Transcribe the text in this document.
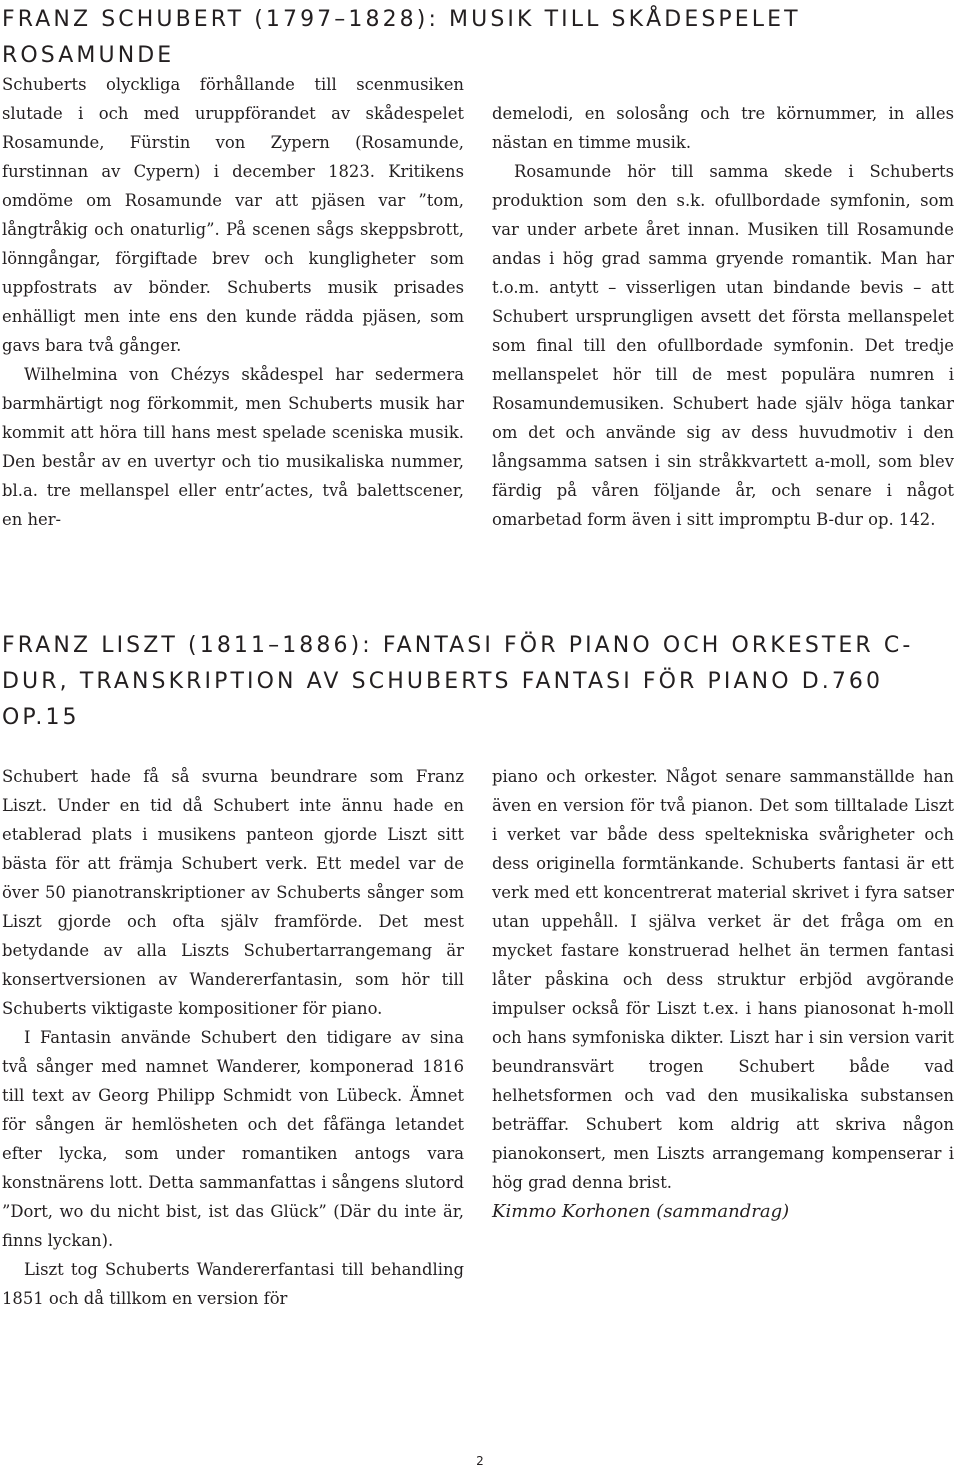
FRANZ SCHUBERT (1797–1828): MUSIK TILL SKÅDESPELET ROSAMUNDE

Schuberts olyckliga förhållande till scenmusiken slutade i och med uruppförandet av skådespelet Rosamunde, Fürstin von Zypern (Rosamunde, furstinnan av Cypern) i december 1823. Kritikens omdöme om Rosamunde var att pjäsen var ”tom, långtråkig och onaturlig”. På scenen sågs skeppsbrott, lönngångar, förgiftade brev och kungligheter som uppfostrats av bönder. Schuberts musik prisades enhälligt men inte ens den kunde rädda pjäsen, som gavs bara två gånger.

Wilhelmina von Chézys skådespel har sedermera barmhärtigt nog förkommit, men Schuberts musik har kommit att höra till hans mest spelade sceniska musik. Den består av en uvertyr och tio musikaliska nummer, bl.a. tre mellanspel eller entr’actes, två balettscener, en her-

demelodi, en solosång och tre körnummer, in alles nästan en timme musik.

Rosamunde hör till samma skede i Schuberts produktion som den s.k. ofullbordade symfonin, som var under arbete året innan. Musiken till Rosamunde andas i hög grad samma gryende romantik. Man har t.o.m. antytt – visserligen utan bindande bevis – att Schubert ursprungligen avsett det första mellanspelet som final till den ofullbordade symfonin. Det tredje mellanspelet hör till de mest populära numren i Rosamundemusiken. Schubert hade själv höga tankar om det och använde sig av dess huvudmotiv i den långsamma satsen i sin stråkkvartett a-moll, som blev färdig på våren följande år, och senare i något omarbetad form även i sitt impromptu B-dur op. 142.

FRANZ LISZT (1811–1886): FANTASI FÖR PIANO OCH ORKESTER C-DUR, TRANSKRIPTION AV SCHUBERTS FANTASI FÖR PIANO D.760 OP.15

Schubert hade få så svurna beundrare som Franz Liszt. Under en tid då Schubert inte ännu hade en etablerad plats i musikens panteon gjorde Liszt sitt bästa för att främja Schubert verk. Ett medel var de över 50 pianotranskriptioner av Schuberts sånger som Liszt gjorde och ofta själv framförde. Det mest betydande av alla Liszts Schubertarrangemang är konsertversionen av Wandererfantasin, som hör till Schuberts viktigaste kompositioner för piano.

I Fantasin använde Schubert den tidigare av sina två sånger med namnet Wanderer, komponerad 1816 till text av Georg Philipp Schmidt von Lübeck. Ämnet för sången är hemlösheten och det fåfänga letandet efter lycka, som under romantiken antogs vara konstnärens lott. Detta sammanfattas i sångens slutord ”Dort, wo du nicht bist, ist das Glück” (Där du inte är, finns lyckan).

Liszt tog Schuberts Wandererfantasi till behandling 1851 och då tillkom en version för

piano och orkester. Något senare sammanställde han även en version för två pianon. Det som tilltalade Liszt i verket var både dess speltekniska svårigheter och dess originella formtänkande. Schuberts fantasi är ett verk med ett koncentrerat material skrivet i fyra satser utan uppehåll. I själva verket är det fråga om en mycket fastare konstruerad helhet än termen fantasi låter påskina och dess struktur erbjöd avgörande impulser också för Liszt t.ex. i hans pianosonat h-moll och hans symfoniska dikter. Liszt har i sin version varit beundransvärt trogen Schubert både vad helhetsformen och vad den musikaliska substansen beträffar. Schubert kom aldrig att skriva någon pianokonsert, men Liszts arrangemang kompenserar i hög grad denna brist.

Kimmo Korhonen (sammandrag)

2
